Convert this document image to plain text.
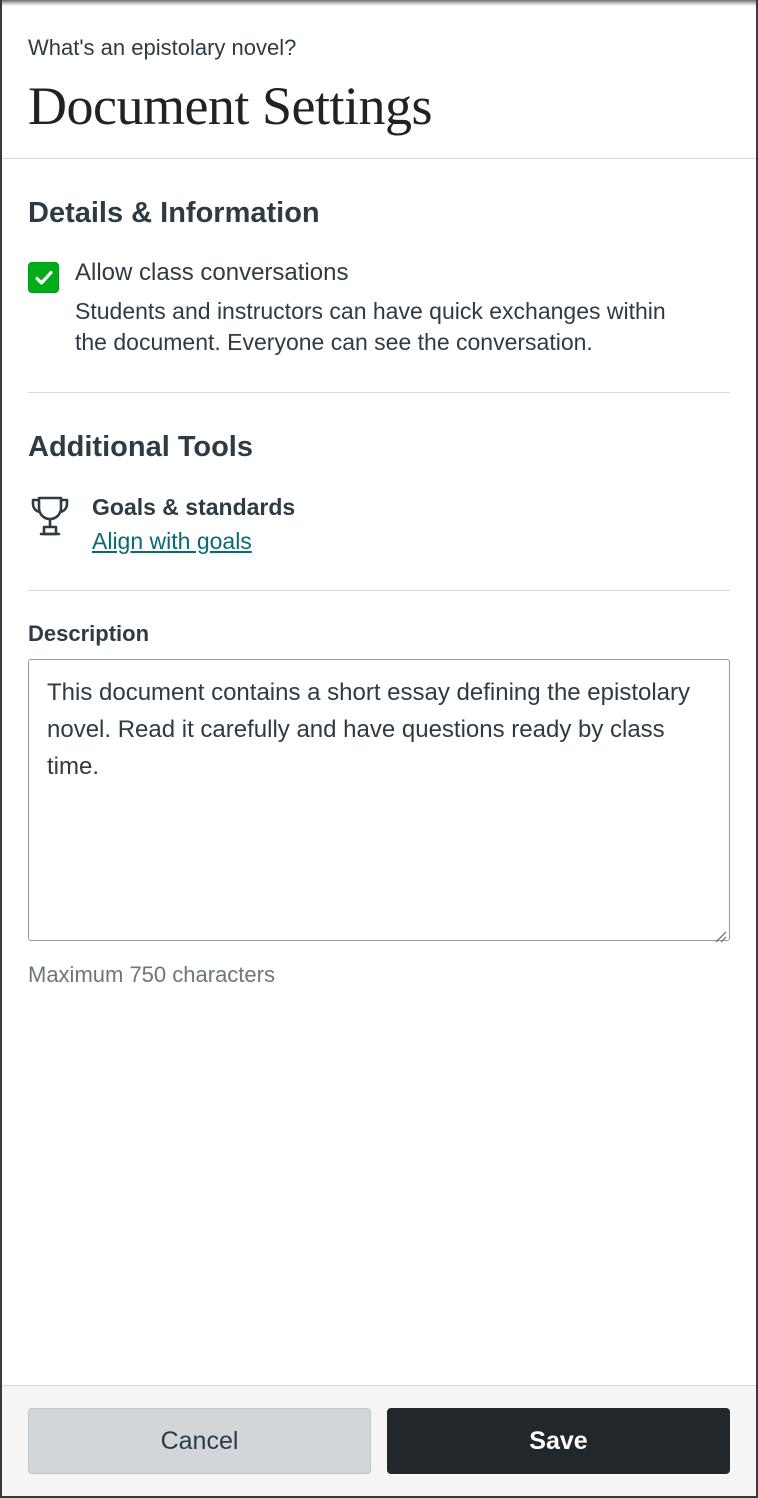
What's an epistolary novel?
Document Settings
Details & Information
Allow class conversations
Students and instructors can have quick exchanges within the document. Everyone can see the conversation.
Additional Tools
Goals & standards
Align with goals
Description
This document contains a short essay defining the epistolary novel. Read it carefully and have questions ready by class time.
Maximum 750 characters
Cancel	Save
